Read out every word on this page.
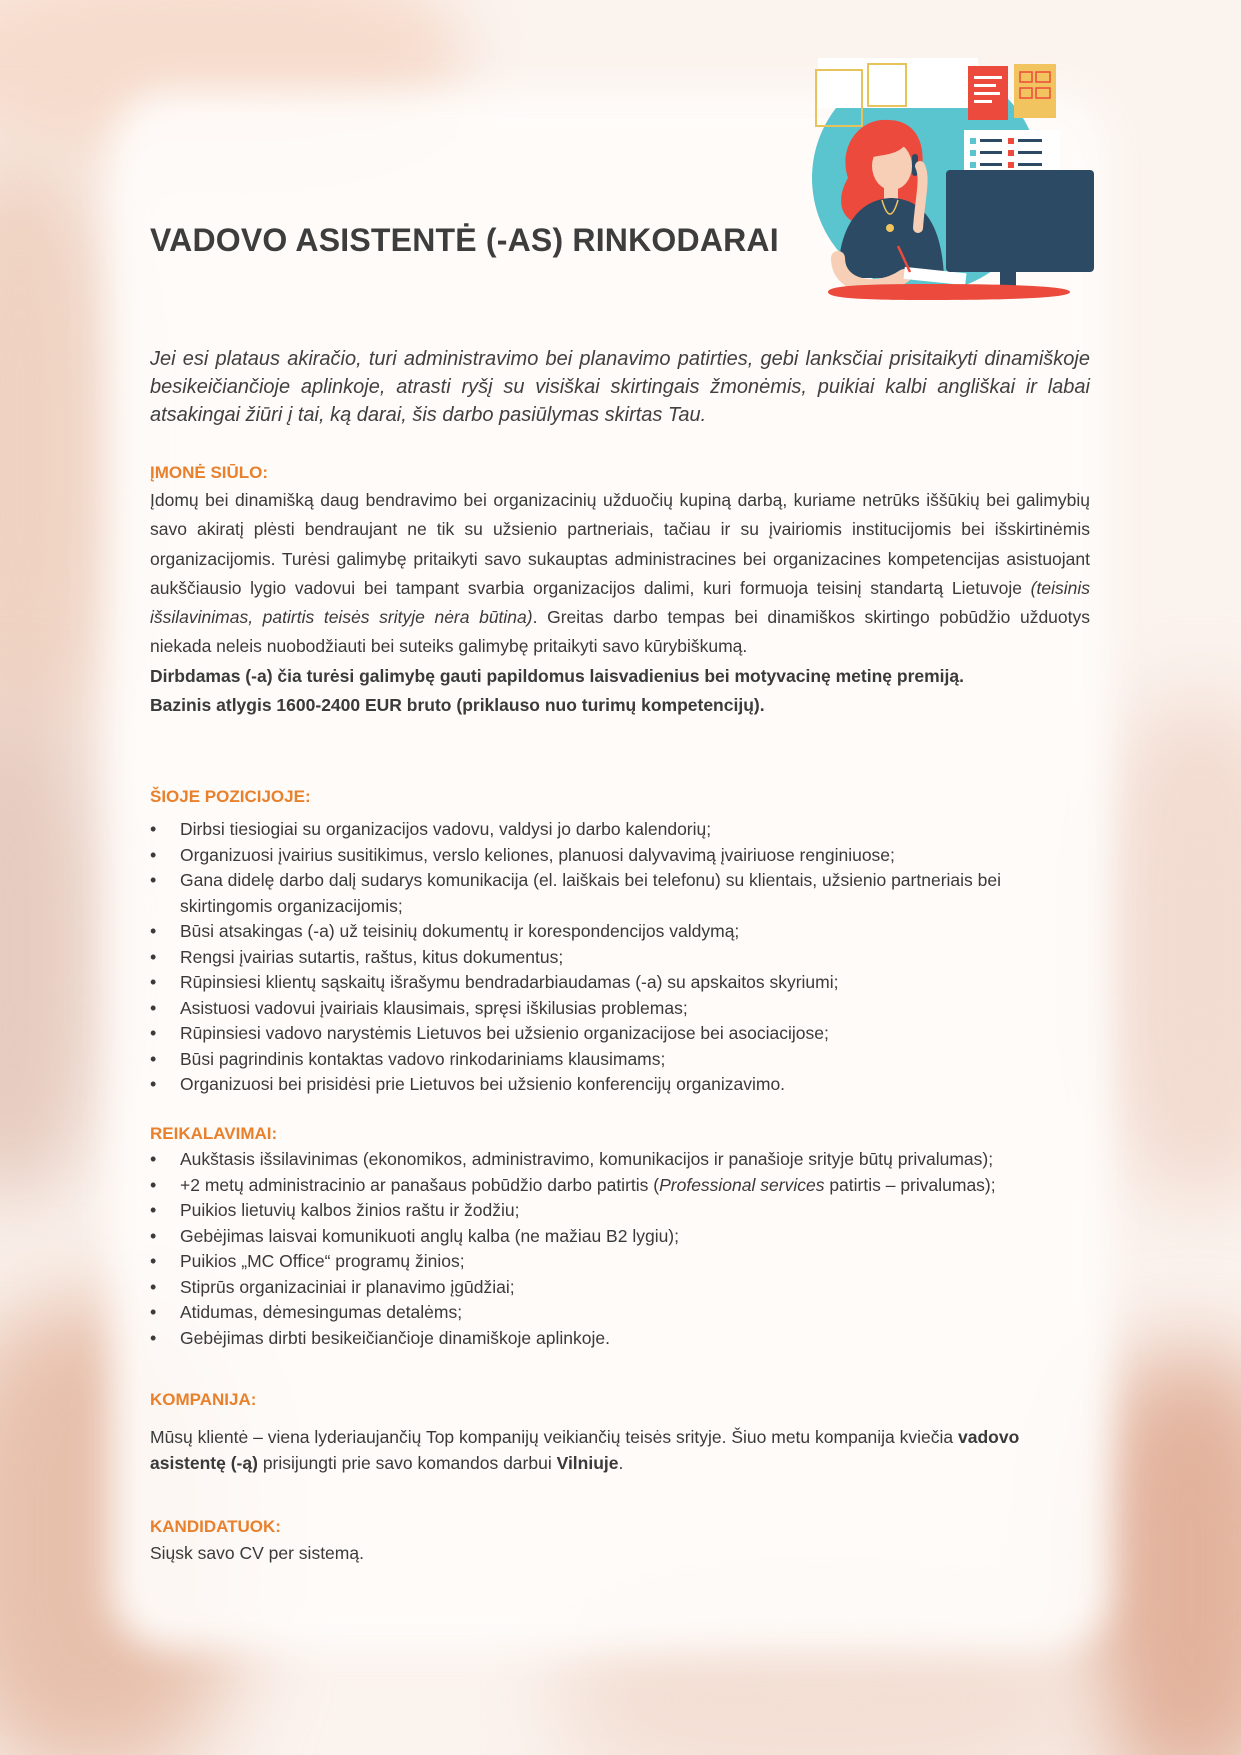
VADOVO ASISTENTĖ (-AS) RINKODARAI

Jei esi plataus akiračio, turi administravimo bei planavimo patirties, gebi lanksčiai prisitaikyti dinamiškoje besikeičiančioje aplinkoje, atrasti ryšį su visiškai skirtingais žmonėmis, puikiai kalbi angliškai ir labai atsakingai žiūri į tai, ką darai, šis darbo pasiūlymas skirtas Tau.

ĮMONĖ SIŪLO:

Įdomų bei dinamišką daug bendravimo bei organizacinių užduočių kupiną darbą, kuriame netrūks iššūkių bei galimybių savo akiratį plėsti bendraujant ne tik su užsienio partneriais, tačiau ir su įvairiomis institucijomis bei išskirtinėmis organizacijomis. Turėsi galimybę pritaikyti savo sukauptas administracines bei organizacines kompetencijas asistuojant aukščiausio lygio vadovui bei tampant svarbia organizacijos dalimi, kuri formuoja teisinį standartą Lietuvoje (teisinis išsilavinimas, patirtis teisės srityje nėra būtina). Greitas darbo tempas bei dinamiškos skirtingo pobūdžio užduotys niekada neleis nuobodžiauti bei suteiks galimybę pritaikyti savo kūrybiškumą.

Dirbdamas (-a) čia turėsi galimybę gauti papildomus laisvadienius bei motyvacinę metinę premiją.

Bazinis atlygis 1600-2400 EUR bruto (priklauso nuo turimų kompetencijų).

ŠIOJE POZICIJOJE:

• Dirbsi tiesiogiai su organizacijos vadovu, valdysi jo darbo kalendorių;
• Organizuosi įvairius susitikimus, verslo keliones, planuosi dalyvavimą įvairiuose renginiuose;
• Gana didelę darbo dalį sudarys komunikacija (el. laiškais bei telefonu) su klientais, užsienio partneriais bei skirtingomis organizacijomis;
• Būsi atsakingas (-a) už teisinių dokumentų ir korespondencijos valdymą;
• Rengsi įvairias sutartis, raštus, kitus dokumentus;
• Rūpinsiesi klientų sąskaitų išrašymu bendradarbiaudamas (-a) su apskaitos skyriumi;
• Asistuosi vadovui įvairiais klausimais, spręsi iškilusias problemas;
• Rūpinsiesi vadovo narystėmis Lietuvos bei užsienio organizacijose bei asociacijose;
• Būsi pagrindinis kontaktas vadovo rinkodariniams klausimams;
• Organizuosi bei prisidėsi prie Lietuvos bei užsienio konferencijų organizavimo.

REIKALAVIMAI:

• Aukštasis išsilavinimas (ekonomikos, administravimo, komunikacijos ir panašioje srityje būtų privalumas);
• +2 metų administracinio ar panašaus pobūdžio darbo patirtis (Professional services patirtis – privalumas);
• Puikios lietuvių kalbos žinios raštu ir žodžiu;
• Gebėjimas laisvai komunikuoti anglų kalba (ne mažiau B2 lygiu);
• Puikios „MC Office“ programų žinios;
• Stiprūs organizaciniai ir planavimo įgūdžiai;
• Atidumas, dėmesingumas detalėms;
• Gebėjimas dirbti besikeičiančioje dinamiškoje aplinkoje.

KOMPANIJA:

Mūsų klientė – viena lyderiaujančių Top kompanijų veikiančių teisės srityje. Šiuo metu kompanija kviečia vadovo asistentę (-ą) prisijungti prie savo komandos darbui Vilniuje.

KANDIDATUOK:

Siųsk savo CV per sistemą.
